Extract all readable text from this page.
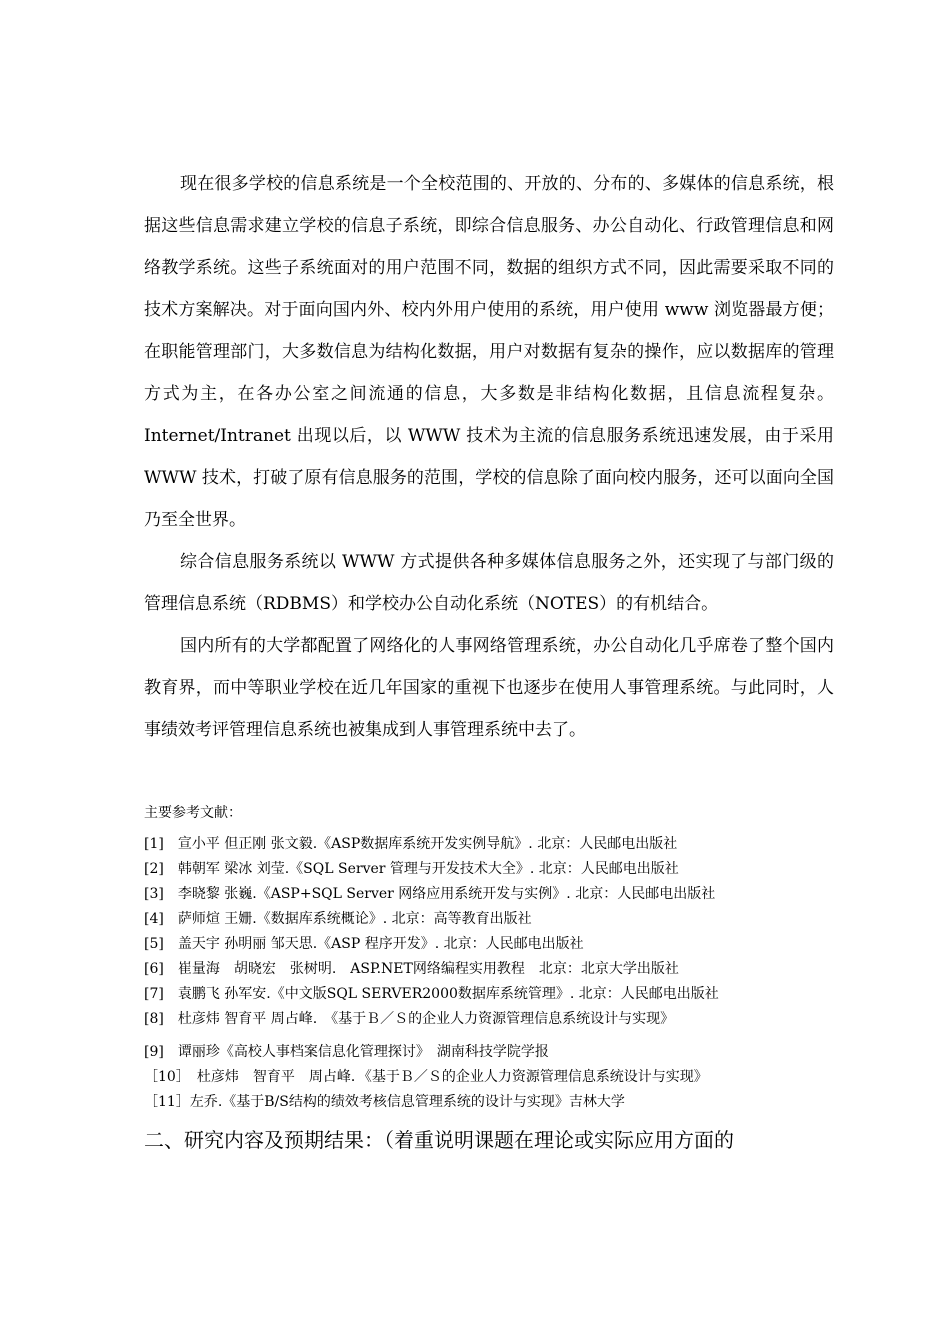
现在很多学校的信息系统是一个全校范围的、开放的、分布的、多媒体的信息系统，根据这些信息需求建立学校的信息子系统，即综合信息服务、办公自动化、行政管理信息和网络教学系统。这些子系统面对的用户范围不同，数据的组织方式不同，因此需要采取不同的技术方案解决。对于面向国内外、校内外用户使用的系统，用户使用 www 浏览器最方便； 在职能管理部门，大多数信息为结构化数据，用户对数据有复杂的操作，应以数据库的管理方式为主，在各办公室之间流通的信息，大多数是非结构化数据，且信息流程复杂。Internet/Intranet 出现以后，以 WWW 技术为主流的信息服务系统迅速发展，由于采用 WWW 技术，打破了原有信息服务的范围，学校的信息除了面向校内服务，还可以面向全国乃至全世界。

综合信息服务系统以 WWW 方式提供各种多媒体信息服务之外，还实现了与部门级的管理信息系统（RDBMS）和学校办公自动化系统（NOTES）的有机结合。

国内所有的大学都配置了网络化的人事网络管理系统，办公自动化几乎席卷了整个国内教育界，而中等职业学校在近几年国家的重视下也逐步在使用人事管理系统。与此同时，人事绩效考评管理信息系统也被集成到人事管理系统中去了。

主要参考文献：

[1]　宣小平 但正刚 张文毅.《ASP数据库系统开发实例导航》. 北京：人民邮电出版社
[2]　韩朝军 梁冰 刘莹.《SQL Server 管理与开发技术大全》. 北京：人民邮电出版社
[3]　李晓黎 张巍.《ASP+SQL Server 网络应用系统开发与实例》. 北京：人民邮电出版社
[4]　萨师煊 王姗.《数据库系统概论》. 北京：高等教育出版社
[5]　盖天宇 孙明丽 邹天思.《ASP 程序开发》. 北京：人民邮电出版社
[6]　崔量海　胡晓宏　张树明.　ASP.NET网络编程实用教程　北京：北京大学出版社
[7]　袁鹏飞 孙军安.《中文版SQL SERVER2000数据库系统管理》. 北京：人民邮电出版社
[8]　杜彦炜 智育平 周占峰.　《基于Ｂ／Ｓ的企业人力资源管理信息系统设计与实现》
[9]　谭丽珍《高校人事档案信息化管理探讨》　湖南科技学院学报
［10］　杜彦炜　智育平　周占峰．《基于Ｂ／Ｓ的企业人力资源管理信息系统设计与实现》
［11］左乔.《基于B/S结构的绩效考核信息管理系统的设计与实现》吉林大学

二、研究内容及预期结果：（着重说明课题在理论或实际应用方面的
